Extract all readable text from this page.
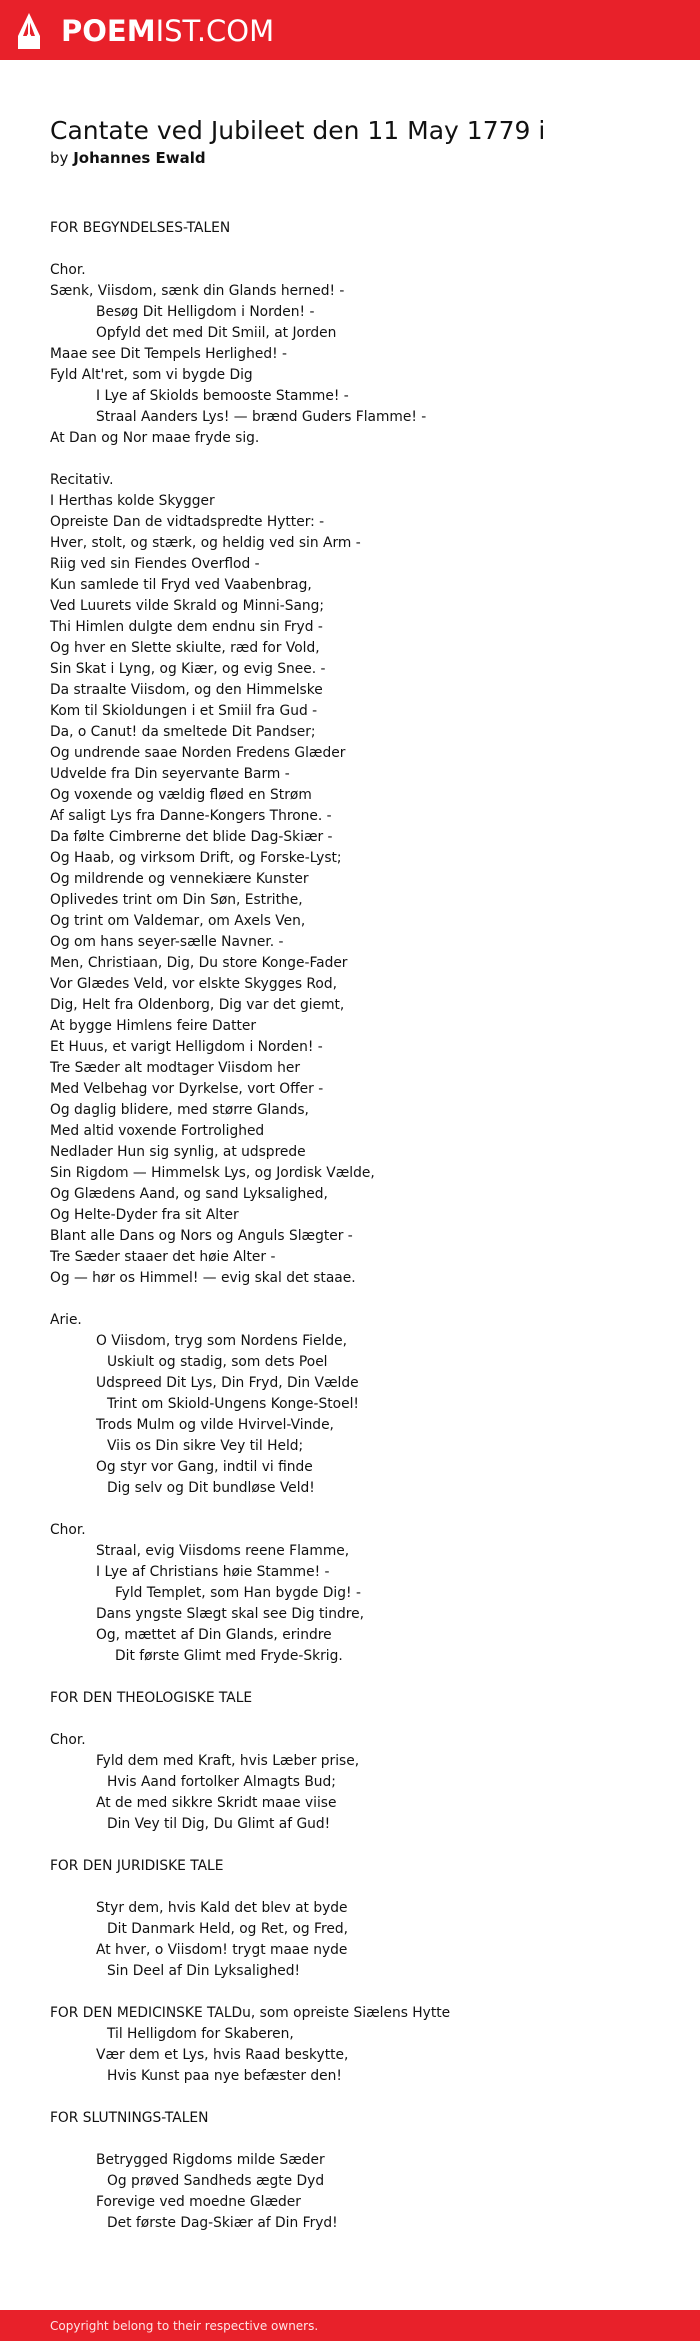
POEMIST.COM
Cantate ved Jubileet den 11 May 1779 i
by Johannes Ewald
FOR BEGYNDELSES-TALEN
Chor.
Sænk, Viisdom, sænk din Glands herned! -
Besøg Dit Helligdom i Norden! -
Opfyld det med Dit Smiil, at Jorden
Maae see Dit Tempels Herlighed! -
Fyld Alt'ret, som vi bygde Dig
I Lye af Skiolds bemooste Stamme! -
Straal Aanders Lys! — brænd Guders Flamme! -
At Dan og Nor maae fryde sig.
Recitativ.
I Herthas kolde Skygger
Opreiste Dan de vidtadspredte Hytter: -
Hver, stolt, og stærk, og heldig ved sin Arm -
Riig ved sin Fiendes Overflod -
Kun samlede til Fryd ved Vaabenbrag,
Ved Luurets vilde Skrald og Minni-Sang;
Thi Himlen dulgte dem endnu sin Fryd -
Og hver en Slette skiulte, ræd for Vold,
Sin Skat i Lyng, og Kiær, og evig Snee. -
Da straalte Viisdom, og den Himmelske
Kom til Skioldungen i et Smiil fra Gud -
Da, o Canut! da smeltede Dit Pandser;
Og undrende saae Norden Fredens Glæder
Udvelde fra Din seyervante Barm -
Og voxende og vældig fløed en Strøm
Af saligt Lys fra Danne-Kongers Throne. -
Da følte Cimbrerne det blide Dag-Skiær -
Og Haab, og virksom Drift, og Forske-Lyst;
Og mildrende og vennekiære Kunster
Oplivedes trint om Din Søn, Estrithe,
Og trint om Valdemar, om Axels Ven,
Og om hans seyer-sælle Navner. -
Men, Christiaan, Dig, Du store Konge-Fader
Vor Glædes Veld, vor elskte Skygges Rod,
Dig, Helt fra Oldenborg, Dig var det giemt,
At bygge Himlens feire Datter
Et Huus, et varigt Helligdom i Norden! -
Tre Sæder alt modtager Viisdom her
Med Velbehag vor Dyrkelse, vort Offer -
Og daglig blidere, med større Glands,
Med altid voxende Fortrolighed
Nedlader Hun sig synlig, at udsprede
Sin Rigdom — Himmelsk Lys, og Jordisk Vælde,
Og Glædens Aand, og sand Lyksalighed,
Og Helte-Dyder fra sit Alter
Blant alle Dans og Nors og Anguls Slægter -
Tre Sæder staaer det høie Alter -
Og — hør os Himmel! — evig skal det staae.
Arie.
O Viisdom, tryg som Nordens Fielde,
Uskiult og stadig, som dets Poel
Udspreed Dit Lys, Din Fryd, Din Vælde
Trint om Skiold-Ungens Konge-Stoel!
Trods Mulm og vilde Hvirvel-Vinde,
Viis os Din sikre Vey til Held;
Og styr vor Gang, indtil vi finde
Dig selv og Dit bundløse Veld!
Chor.
Straal, evig Viisdoms reene Flamme,
I Lye af Christians høie Stamme! -
Fyld Templet, som Han bygde Dig! -
Dans yngste Slægt skal see Dig tindre,
Og, mættet af Din Glands, erindre
Dit første Glimt med Fryde-Skrig.
FOR DEN THEOLOGISKE TALE
Chor.
Fyld dem med Kraft, hvis Læber prise,
Hvis Aand fortolker Almagts Bud;
At de med sikkre Skridt maae viise
Din Vey til Dig, Du Glimt af Gud!
FOR DEN JURIDISKE TALE
Styr dem, hvis Kald det blev at byde
Dit Danmark Held, og Ret, og Fred,
At hver, o Viisdom! trygt maae nyde
Sin Deel af Din Lyksalighed!
FOR DEN MEDICINSKE TALDu, som opreiste Siælens Hytte
Til Helligdom for Skaberen,
Vær dem et Lys, hvis Raad beskytte,
Hvis Kunst paa nye befæster den!
FOR SLUTNINGS-TALEN
Betrygged Rigdoms milde Sæder
Og prøved Sandheds ægte Dyd
Forevige ved moedne Glæder
Det første Dag-Skiær af Din Fryd!
Copyright belong to their respective owners.
